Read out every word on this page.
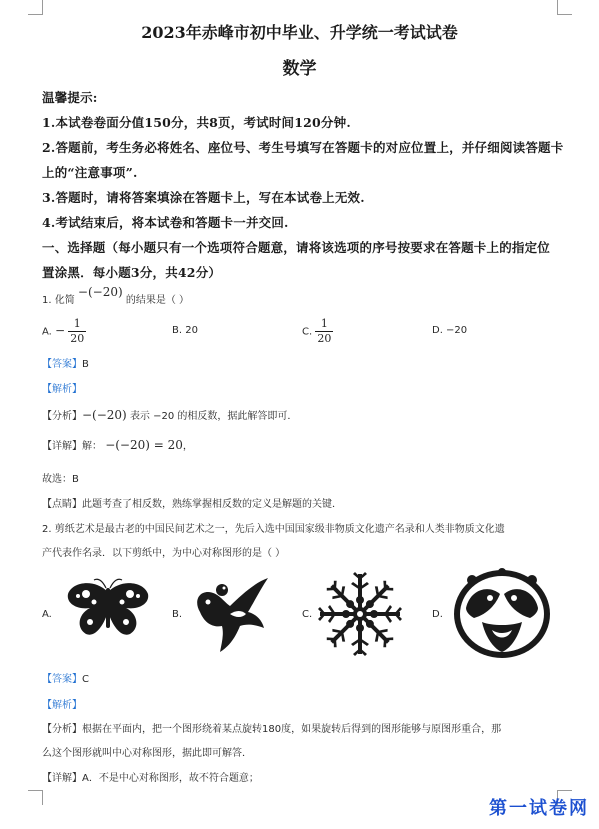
2023年赤峰市初中毕业、升学统一考试试卷
数学
温馨提示:
1.本试卷卷面分值150分，共8页，考试时间120分钟.
2.答题前，考生务必将姓名、座位号、考生号填写在答题卡的对应位置上，并仔细阅读答题卡
上的“注意事项”.
3.答题时，请将答案填涂在答题卡上，写在本试卷上无效.
4.考试结束后，将本试卷和答题卡一并交回.
一、选择题（每小题只有一个选项符合题意，请将该选项的序号按要求在答题卡上的指定位
置涂黑．每小题3分，共42分）
1. 化简 −(−20) 的结果是（ ）
A. − $\frac{1}{20}$	B. 20	C. $\frac{1}{20}$	D. −20
【答案】B
【解析】
【分析】−(−20) 表示 −20 的相反数，据此解答即可．
【详解】解： −(−20) = 20，
故选：B
【点睛】此题考查了相反数，熟练掌握相反数的定义是解题的关键．
2. 剪纸艺术是最古老的中国民间艺术之一，先后入选中国国家级非物质文化遗产名录和人类非物质文化遗
产代表作名录．以下剪纸中，为中心对称图形的是（ ）
A.	B.	C.	D.
【答案】C
【解析】
【分析】根据在平面内，把一个图形绕着某点旋转180度，如果旋转后得到的图形能够与原图形重合，那
么这个图形就叫中心对称图形，据此即可解答．
【详解】A．不是中心对称图形，故不符合题意；
第一试卷网
